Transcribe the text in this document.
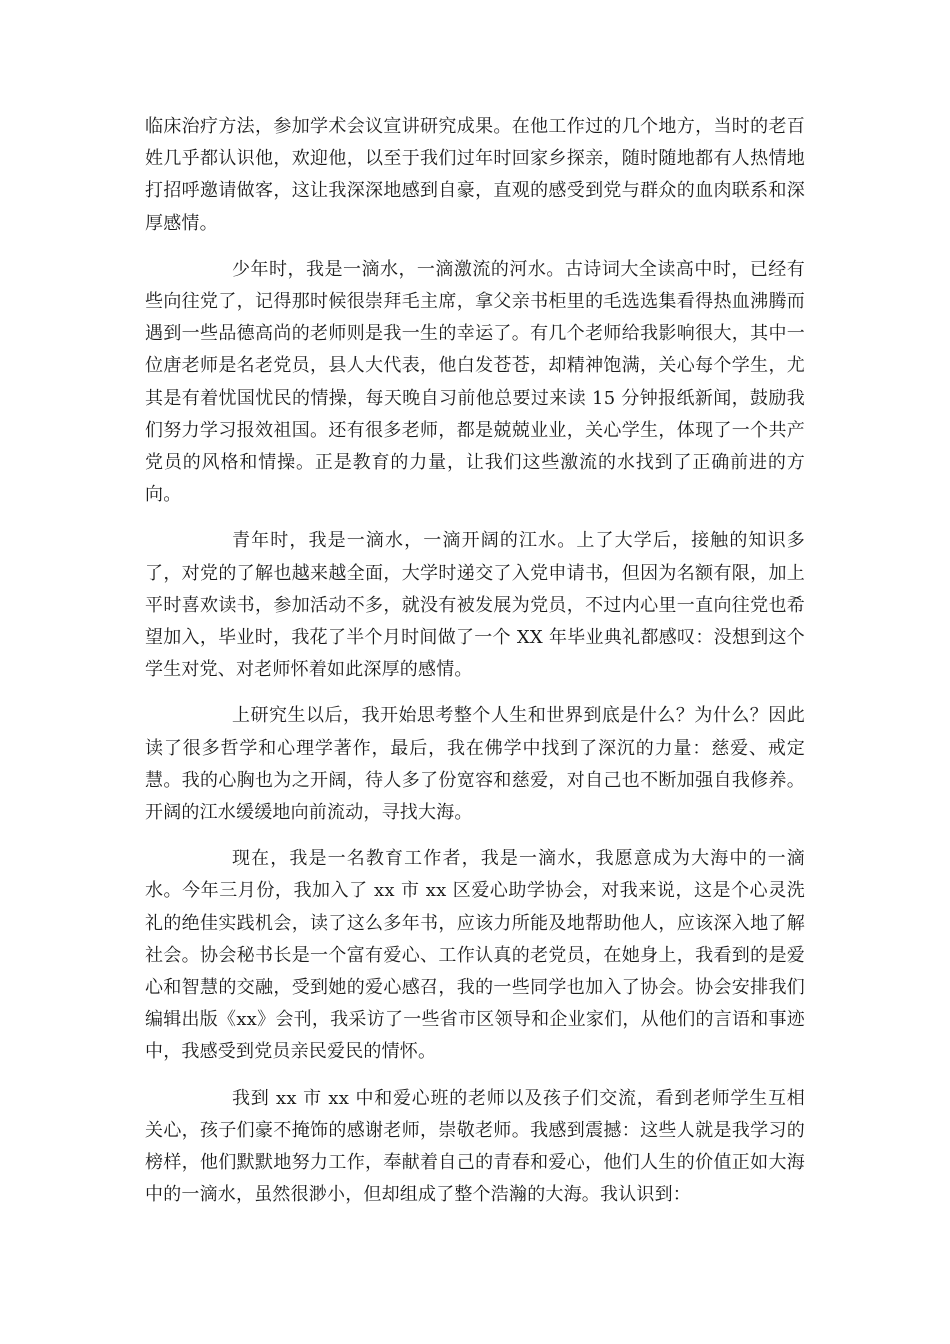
临床治疗方法，参加学术会议宣讲研究成果。在他工作过的几个地方，当时的老百姓几乎都认识他，欢迎他，以至于我们过年时回家乡探亲，随时随地都有人热情地打招呼邀请做客，这让我深深地感到自豪，直观的感受到党与群众的血肉联系和深厚感情。

少年时，我是一滴水，一滴激流的河水。古诗词大全读高中时，已经有些向往党了，记得那时候很崇拜毛主席，拿父亲书柜里的毛选选集看得热血沸腾而遇到一些品德高尚的老师则是我一生的幸运了。有几个老师给我影响很大，其中一位唐老师是名老党员，县人大代表，他白发苍苍，却精神饱满，关心每个学生，尤其是有着忧国忧民的情操，每天晚自习前他总要过来读 15 分钟报纸新闻，鼓励我们努力学习报效祖国。还有很多老师，都是兢兢业业，关心学生，体现了一个共产党员的风格和情操。正是教育的力量，让我们这些激流的水找到了正确前进的方向。

青年时，我是一滴水，一滴开阔的江水。上了大学后，接触的知识多了，对党的了解也越来越全面，大学时递交了入党申请书，但因为名额有限，加上平时喜欢读书，参加活动不多，就没有被发展为党员，不过内心里一直向往党也希望加入，毕业时，我花了半个月时间做了一个 XX 年毕业典礼都感叹：没想到这个学生对党、对老师怀着如此深厚的感情。

上研究生以后，我开始思考整个人生和世界到底是什么？为什么？因此读了很多哲学和心理学著作，最后，我在佛学中找到了深沉的力量：慈爱、戒定慧。我的心胸也为之开阔，待人多了份宽容和慈爱，对自己也不断加强自我修养。开阔的江水缓缓地向前流动，寻找大海。

现在，我是一名教育工作者，我是一滴水，我愿意成为大海中的一滴水。今年三月份，我加入了 xx 市 xx 区爱心助学协会，对我来说，这是个心灵洗礼的绝佳实践机会，读了这么多年书，应该力所能及地帮助他人，应该深入地了解社会。协会秘书长是一个富有爱心、工作认真的老党员，在她身上，我看到的是爱心和智慧的交融，受到她的爱心感召，我的一些同学也加入了协会。协会安排我们编辑出版《xx》会刊，我采访了一些省市区领导和企业家们，从他们的言语和事迹中，我感受到党员亲民爱民的情怀。

我到 xx 市 xx 中和爱心班的老师以及孩子们交流，看到老师学生互相关心，孩子们豪不掩饰的感谢老师，崇敬老师。我感到震撼：这些人就是我学习的榜样，他们默默地努力工作，奉献着自己的青春和爱心，他们人生的价值正如大海中的一滴水，虽然很渺小，但却组成了整个浩瀚的大海。我认识到：
